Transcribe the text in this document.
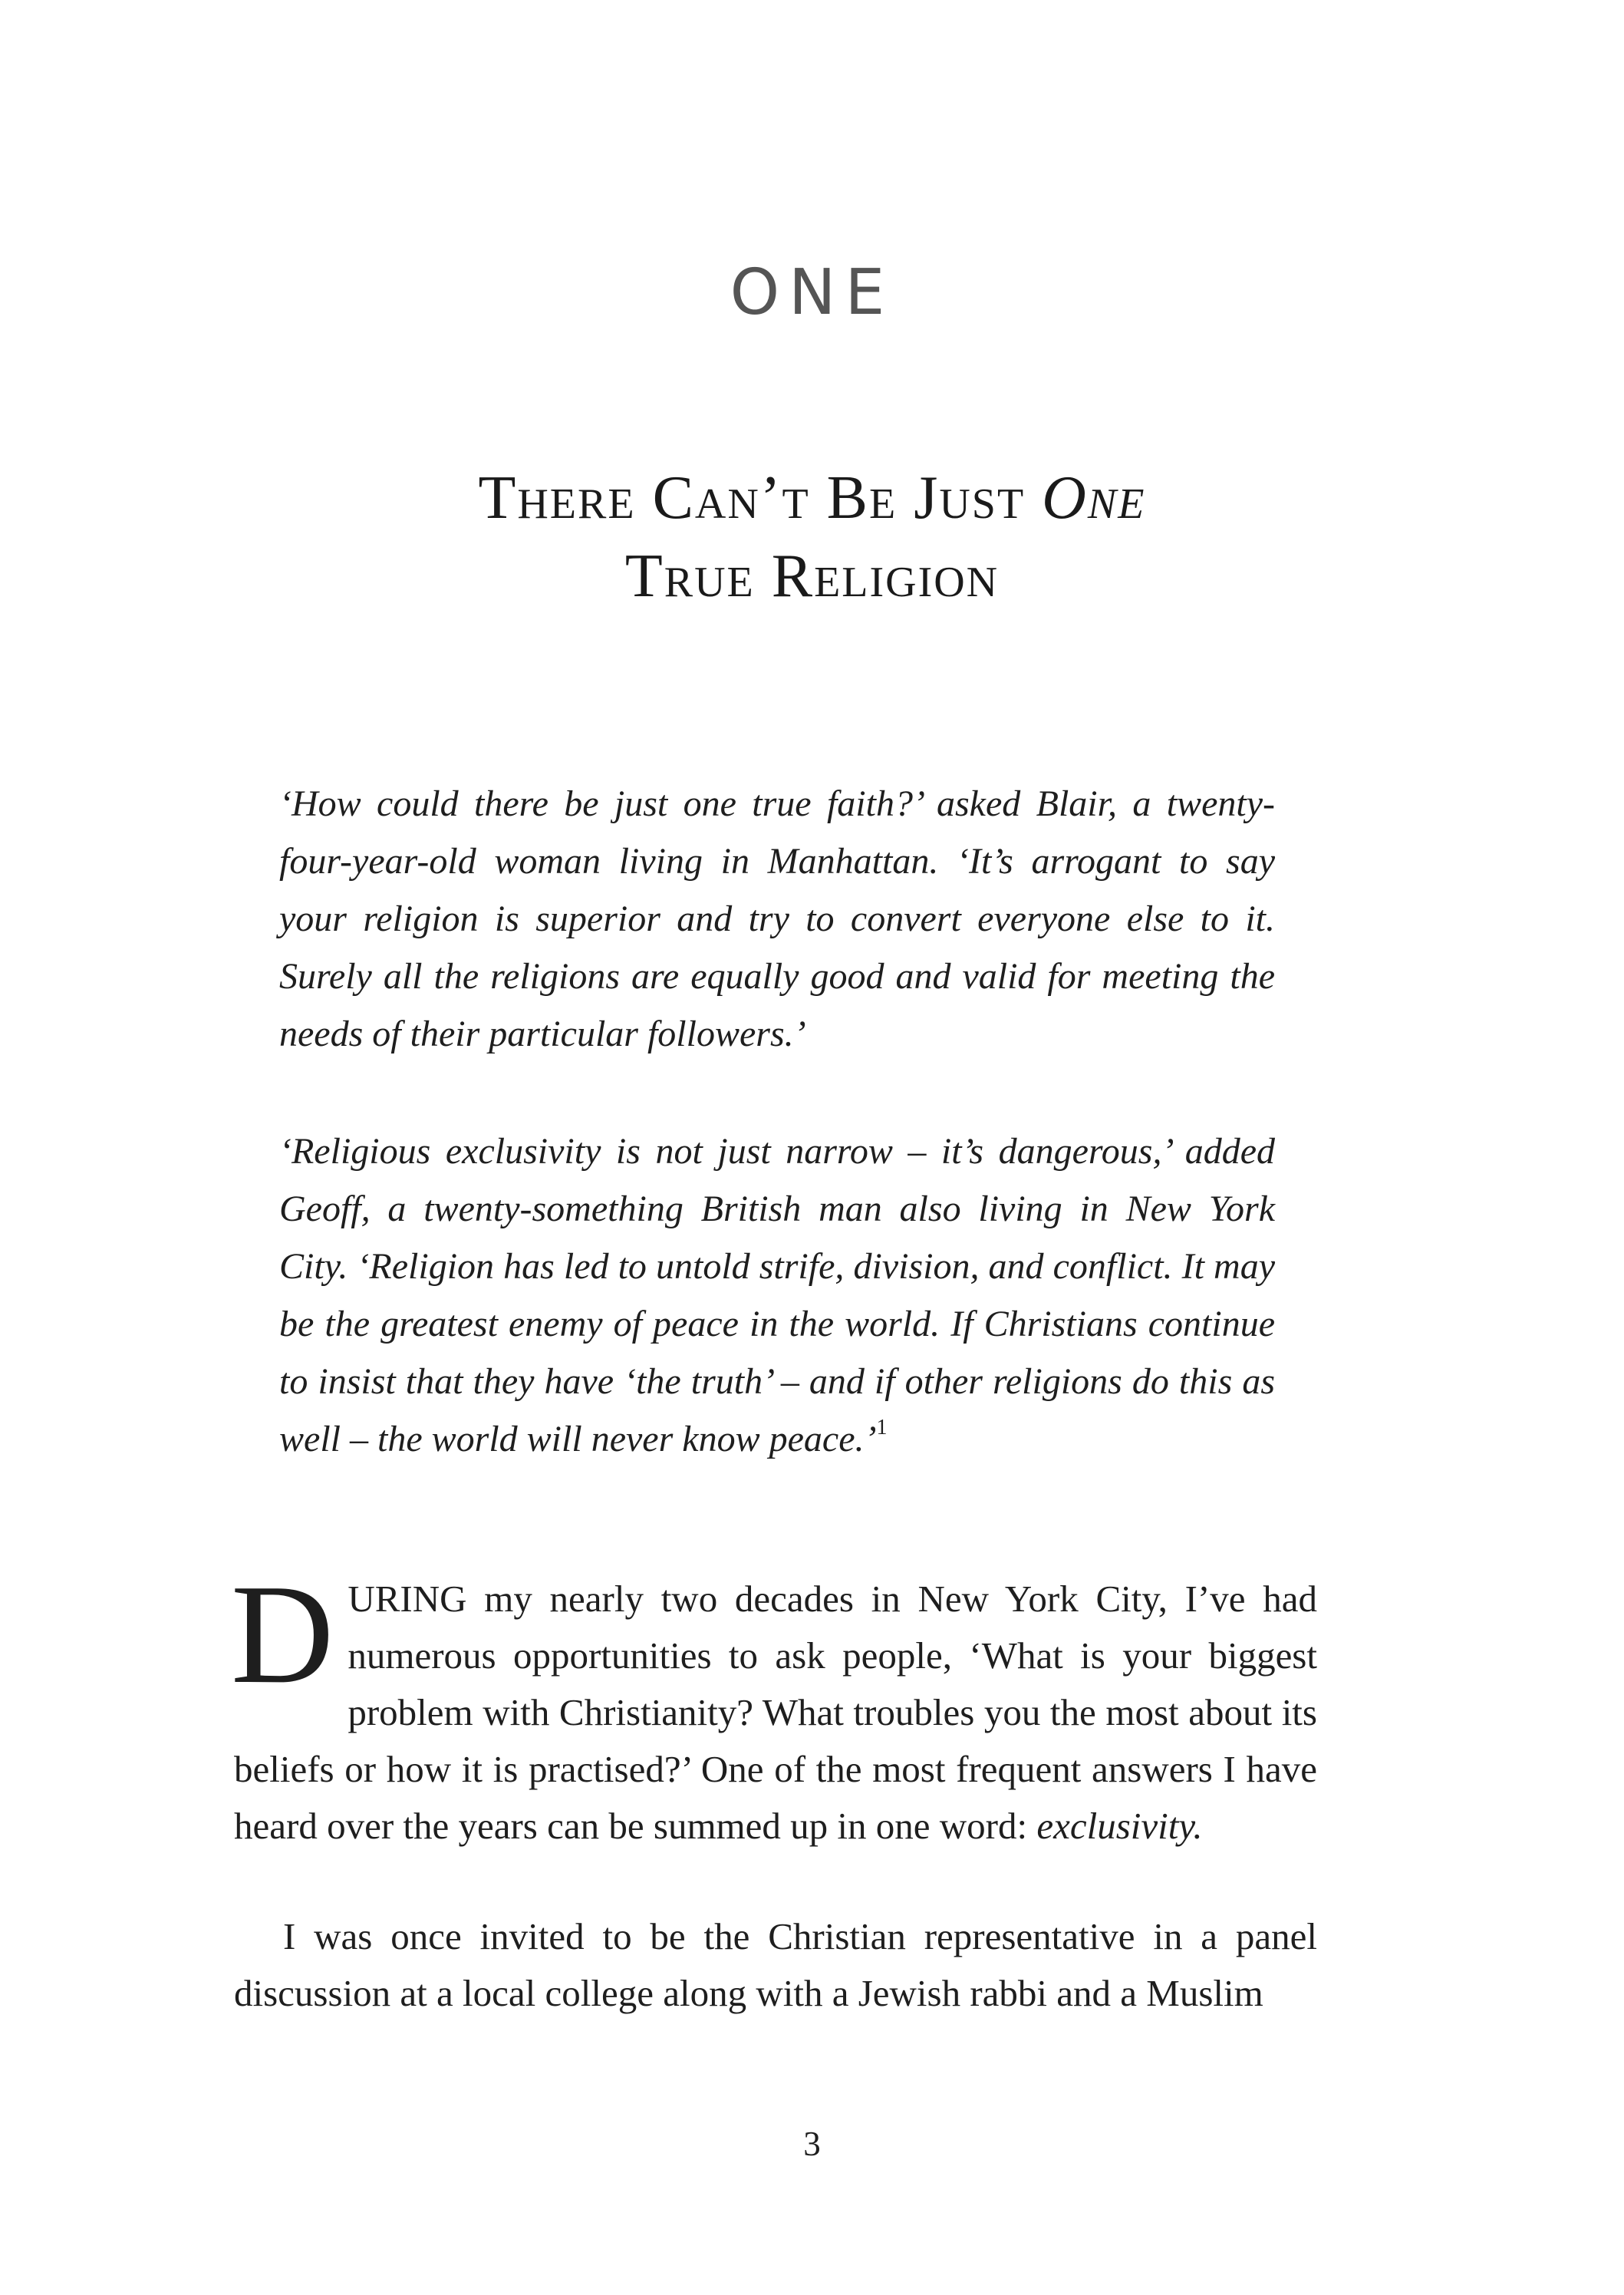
ONE
There Can’t Be Just One
True Religion

‘How could there be just one true faith?’ asked Blair, a twenty-four-year-old woman living in Manhattan. ‘It’s arrogant to say your religion is superior and try to convert everyone else to it. Surely all the religions are equally good and valid for meeting the needs of their particular followers.’

‘Religious exclusivity is not just narrow – it’s dangerous,’ added Geoff, a twenty-something British man also living in New York City. ‘Religion has led to untold strife, division, and conflict. It may be the greatest enemy of peace in the world. If Christians continue to insist that they have ‘the truth’ – and if other religions do this as well – the world will never know peace.’$^1$

DURING my nearly two decades in New York City, I’ve had numerous opportunities to ask people, ‘What is your biggest problem with Christianity? What troubles you the most about its beliefs or how it is practised?’ One of the most frequent answers I have heard over the years can be summed up in one word: exclusivity.

I was once invited to be the Christian representative in a panel discussion at a local college along with a Jewish rabbi and a Muslim

3
